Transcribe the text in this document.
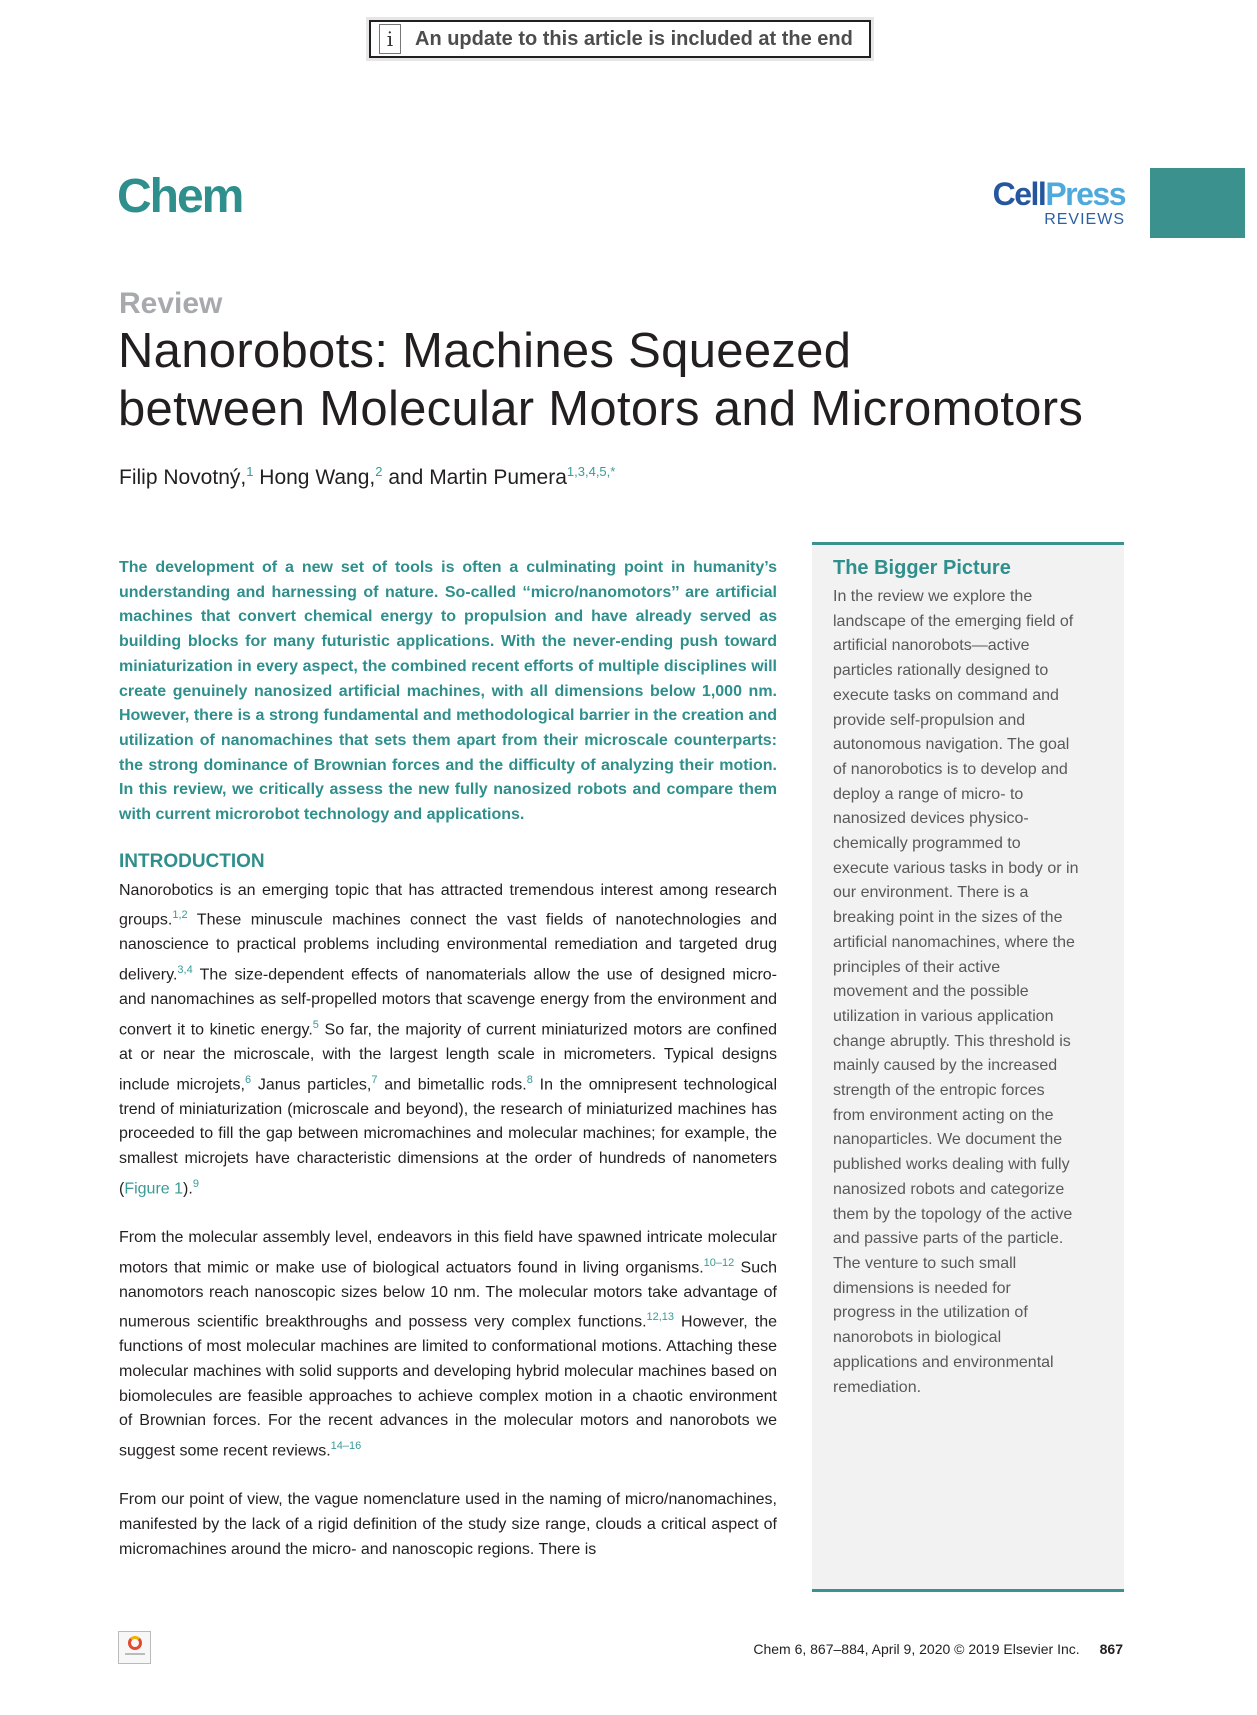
i	An update to this article is included at the end
Chem	CellPress
REVIEWS
Review
Nanorobots: Machines Squeezed
between Molecular Motors and Micromotors
Filip Novotný,$^1$ Hong Wang,$^2$ and Martin Pumera$^{1,3,4,5,*}$

The development of a new set of tools is often a culminating point in humanity’s understanding and harnessing of nature. So-called ‘‘micro/nanomotors’’ are artificial machines that convert chemical energy to propulsion and have already served as building blocks for many futuristic applications. With the never-ending push toward miniaturization in every aspect, the combined recent efforts of multiple disciplines will create genuinely nanosized artificial machines, with all dimensions below 1,000 nm. However, there is a strong fundamental and methodological barrier in the creation and utilization of nanomachines that sets them apart from their microscale counterparts: the strong dominance of Brownian forces and the difficulty of analyzing their motion. In this review, we critically assess the new fully nanosized robots and compare them with current microrobot technology and applications.

INTRODUCTION

Nanorobotics is an emerging topic that has attracted tremendous interest among research groups.$^{1,2}$ These minuscule machines connect the vast fields of nanotechnologies and nanoscience to practical problems including environmental remediation and targeted drug delivery.$^{3,4}$ The size-dependent effects of nanomaterials allow the use of designed micro- and nanomachines as self-propelled motors that scavenge energy from the environment and convert it to kinetic energy.$^5$ So far, the majority of current miniaturized motors are confined at or near the microscale, with the largest length scale in micrometers. Typical designs include microjets,$^6$ Janus particles,$^7$ and bimetallic rods.$^8$ In the omnipresent technological trend of miniaturization (microscale and beyond), the research of miniaturized machines has proceeded to fill the gap between micromachines and molecular machines; for example, the smallest microjets have characteristic dimensions at the order of hundreds of nanometers (Figure 1).$^9$

From the molecular assembly level, endeavors in this field have spawned intricate molecular motors that mimic or make use of biological actuators found in living organisms.$^{10-12}$ Such nanomotors reach nanoscopic sizes below 10 nm. The molecular motors take advantage of numerous scientific breakthroughs and possess very complex functions.$^{12,13}$ However, the functions of most molecular machines are limited to conformational motions. Attaching these molecular machines with solid supports and developing hybrid molecular machines based on biomolecules are feasible approaches to achieve complex motion in a chaotic environment of Brownian forces. For the recent advances in the molecular motors and nanorobots we suggest some recent reviews.$^{14-16}$

From our point of view, the vague nomenclature used in the naming of micro/nanomachines, manifested by the lack of a rigid definition of the study size range, clouds a critical aspect of micromachines around the micro- and nanoscopic regions. There is

The Bigger Picture

In the review we explore the
landscape of the emerging field of
artificial nanorobots—active
particles rationally designed to
execute tasks on command and
provide self-propulsion and
autonomous navigation. The goal
of nanorobotics is to develop and
deploy a range of micro- to
nanosized devices physico-
chemically programmed to
execute various tasks in body or in
our environment. There is a
breaking point in the sizes of the
artificial nanomachines, where the
principles of their active
movement and the possible
utilization in various application
change abruptly. This threshold is
mainly caused by the increased
strength of the entropic forces
from environment acting on the
nanoparticles. We document the
published works dealing with fully
nanosized robots and categorize
them by the topology of the active
and passive parts of the particle.
The venture to such small
dimensions is needed for
progress in the utilization of
nanorobots in biological
applications and environmental
remediation.

Chem 6, 867–884, April 9, 2020 © 2019 Elsevier Inc. 867
